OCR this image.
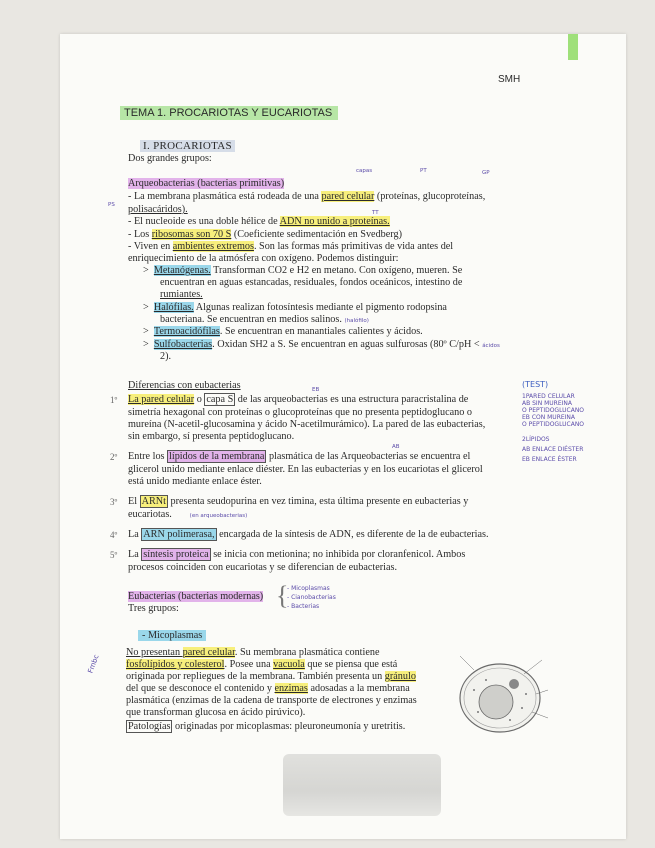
SMH
TEMA 1. PROCARIOTAS Y EUCARIOTAS
I. PROCARIOTAS
Dos grandes grupos:
capas	PT	GP
Arqueobacterias (bacterias primitivas)
PS
- La membrana plasmática está rodeada de una pared celular (proteínas, glucoproteínas,
polisacáridos).	TT
- El nucleoide es una doble hélice de ADN no unido a proteínas.
- Los ribosomas son 70 S (Coeficiente sedimentación en Svedberg)
- Viven en ambientes extremos. Son las formas más primitivas de vida antes del
enriquecimiento de la atmósfera con oxígeno. Podemos distinguir:
>  Metanógenas. Transforman CO2 e H2 en metano. Con oxígeno, mueren. Se
encuentran en aguas estancadas, residuales, fondos oceánicos, intestino de
rumiantes.
>  Halófilas. Algunas realizan fotosíntesis mediante el pigmento rodopsina
bacteriana. Se encuentran en medios salinos. (halófilo)
>  Termoacidófilas. Se encuentran en manantiales calientes y ácidos.
>  Sulfobacterias. Oxidan SH2 a S. Se encuentran en aguas sulfurosas (80º C/pH < ácidos
2).
Diferencias con eubacterias	EB
1º La pared celular o capa S de las arqueobacterias es una estructura paracristalina de
simetría hexagonal con proteínas o glucoproteínas que no presenta peptidoglucano o
mureína (N-acetil-glucosamina y ácido N-acetilmurámico). La pared de las eubacterias,
sin embargo, sí presenta peptidoglucano.
AB
2º Entre los lípidos de la membrana plasmática de las Arqueobacterias se encuentra el
glicerol unido mediante enlace diéster. En las eubacterias y en los eucariotas el glicerol
está unido mediante enlace éster.
3º El ARNt presenta seudopurina en vez timina, esta última presente en eubacterias y
eucariotas.	(en arqueobacterias)
4º La ARN polimerasa, encargada de la síntesis de ADN, es diferente de la de eubacterias.
5º La síntesis proteica se inicia con metionina; no inhibida por cloranfenicol. Ambos
procesos coinciden con eucariotas y se diferencian de eubacterias.
(TEST)
1PARED CELULAR
AB SIN MUREINA
O PEPTIDOGLUCANO
EB CON MUREINA
O PEPTIDOGLUCANO
2LÍPIDOS
AB ENLACE DIÉSTER
EB ENLACE ÉSTER
Eubacterias (bacterias modernas)
Tres grupos:	{
- Micoplasmas
- Cianobacterias
- Bacterias
- Micoplasmas
Fmbc
No presentan pared celular. Su membrana plasmática contiene
fosfolípidos y colesterol. Posee una vacuola que se piensa que está
originada por repliegues de la membrana. También presenta un gránulo
del que se desconoce el contenido y enzimas adosadas a la membrana
plasmática (enzimas de la cadena de transporte de electrones y enzimas
que transforman glucosa en ácido pirúvico).
Patologías originadas por micoplasmas: pleuroneumonía y uretritis.
